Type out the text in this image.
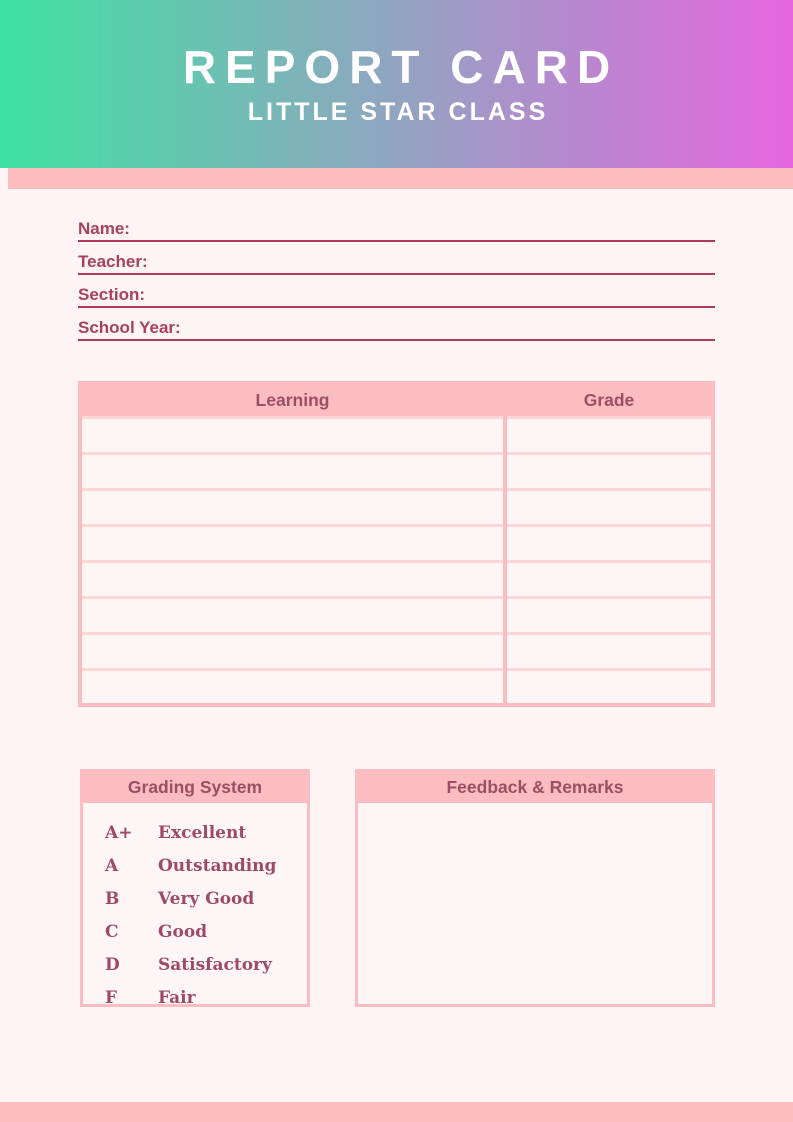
REPORT CARD
LITTLE STAR CLASS
Name:
Teacher:
Section:
School Year:
Learning	Grade

Grading System
A+	Excellent
A	Outstanding
B	Very Good
C	Good
D	Satisfactory
F	Fair
Feedback & Remarks
